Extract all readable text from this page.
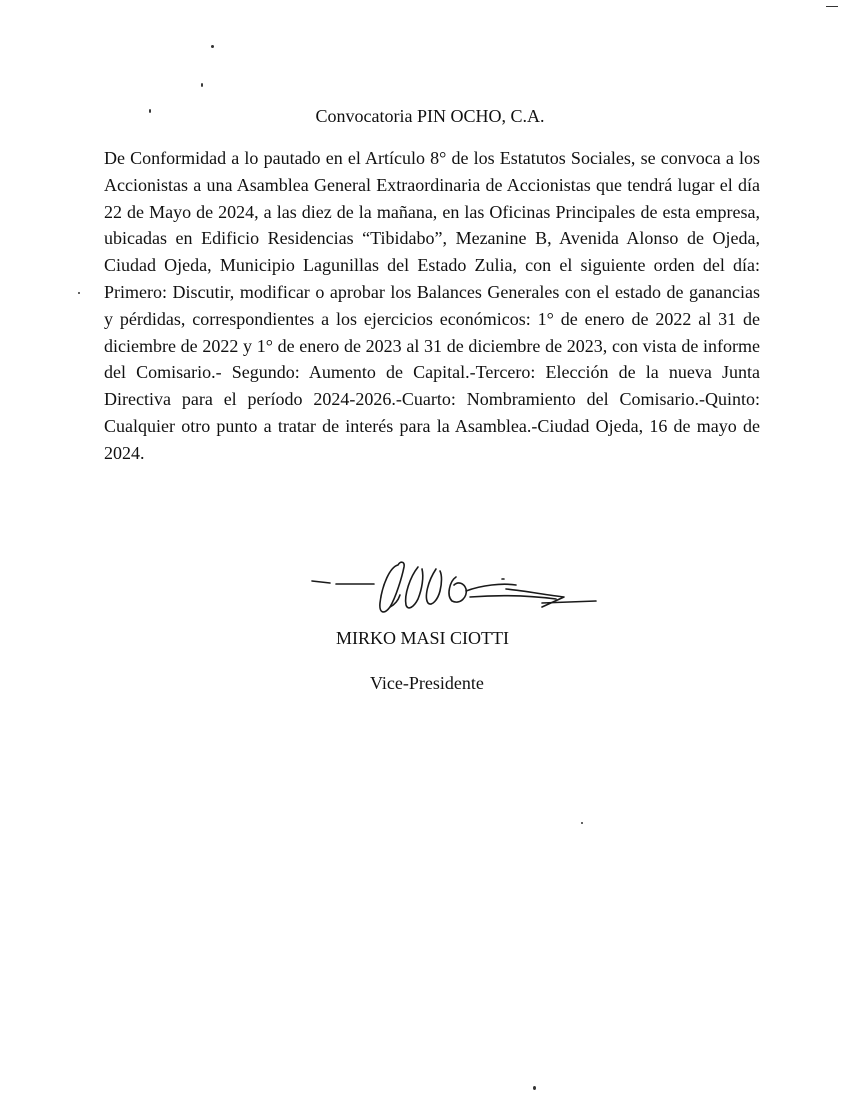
Convocatoria PIN OCHO, C.A.

De Conformidad a lo pautado en el Artículo 8° de los Estatutos Sociales, se convoca a los Accionistas a una Asamblea General Extraordinaria de Accionistas que tendrá lugar el día 22 de Mayo de 2024, a las diez de la mañana, en las Oficinas Principales de esta empresa, ubicadas en Edificio Residencias “Tibidabo”, Mezanine B, Avenida Alonso de Ojeda, Ciudad Ojeda, Municipio Lagunillas del Estado Zulia, con el siguiente orden del día: Primero: Discutir, modificar o aprobar los Balances Generales con el estado de ganancias y pérdidas, correspondientes a los ejercicios económicos: 1° de enero de 2022 al 31 de diciembre de 2022 y 1° de enero de 2023 al 31 de diciembre de 2023, con vista de informe del Comisario.- Segundo: Aumento de Capital.-Tercero: Elección de la nueva Junta Directiva para el período 2024-2026.-Cuarto: Nombramiento del Comisario.-Quinto: Cualquier otro punto a tratar de interés para la Asamblea.-Ciudad Ojeda, 16 de mayo de 2024.

MIRKO MASI CIOTTI
Vice-Presidente
